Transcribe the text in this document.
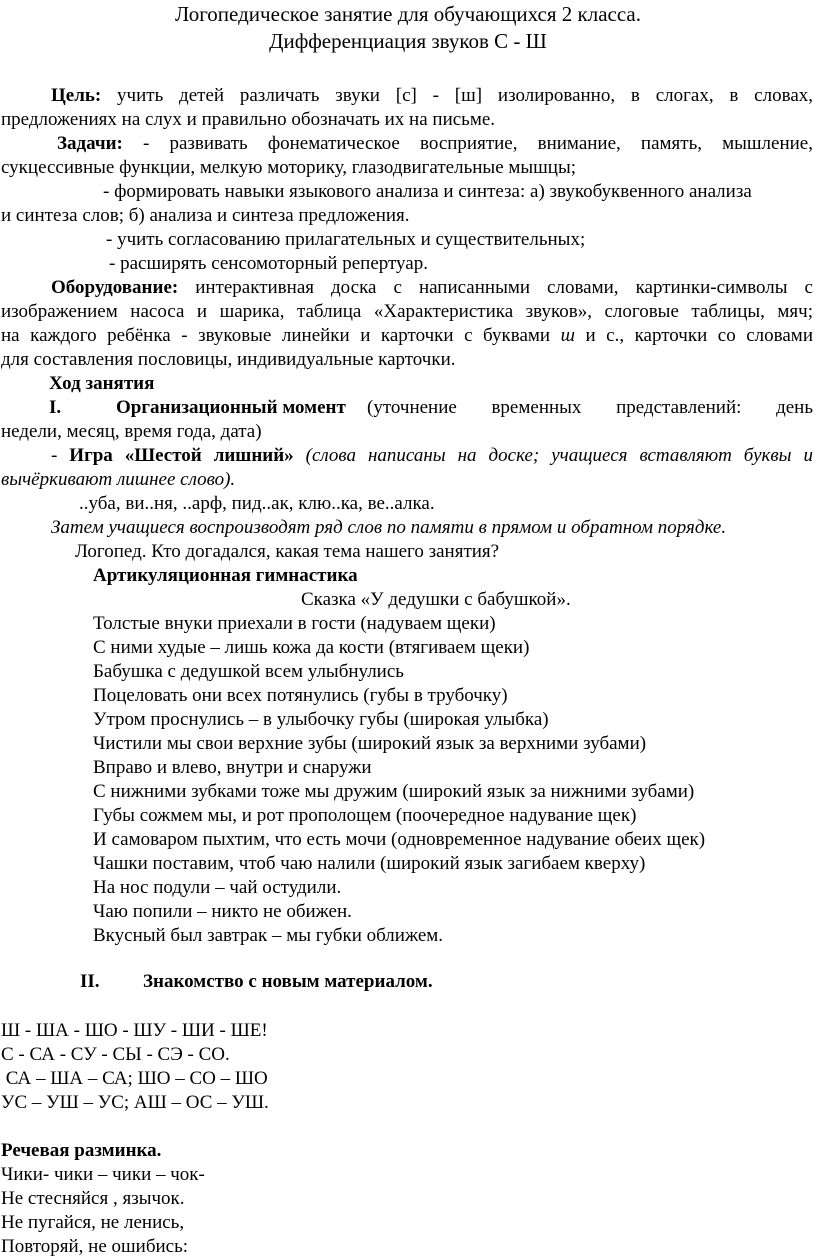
Логопедическое занятие для обучающихся 2 класса.
Дифференциация звуков С - Ш
Цель: учить детей различать звуки [с] - [ш] изолированно, в слогах, в словах,
предложениях на слух и правильно обозначать их на письме.
Задачи: - развивать фонематическое восприятие, внимание, память, мышление,
сукцессивные функции, мелкую моторику, глазодвигательные мышцы;
- формировать навыки языкового анализа и синтеза: а) звукобуквенного анализа
и синтеза слов; б) анализа и синтеза предложения.
- учить согласованию прилагательных и существительных;
- расширять сенсомоторный репертуар.
Оборудование: интерактивная доска с написанными словами, картинки-символы с
изображением насоса и шарика, таблица «Характеристика звуков», слоговые таблицы, мяч;
на каждого ребёнка - звуковые линейки и карточки с буквами ш и с., карточки со словами
для составления пословицы, индивидуальные карточки.
Ход занятия
I.	Организационный момент (уточнение временных представлений: день
недели, месяц, время года, дата)
- Игра «Шестой лишний» (слова написаны на доске; учащиеся вставляют буквы и
вычёркивают лишнее слово).
..уба, ви..ня, ..арф, пид..ак, клю..ка, ве..алка.
Затем учащиеся воспроизводят ряд слов по памяти в прямом и обратном порядке.
Логопед. Кто догадался, какая тема нашего занятия?
Артикуляционная гимнастика
Сказка «У дедушки с бабушкой».
Толстые внуки приехали в гости (надуваем щеки)
С ними худые – лишь кожа да кости (втягиваем щеки)
Бабушка с дедушкой всем улыбнулись
Поцеловать они всех потянулись (губы в трубочку)
Утром проснулись – в улыбочку губы (широкая улыбка)
Чистили мы свои верхние зубы (широкий язык за верхними зубами)
Вправо и влево, внутри и снаружи
С нижними зубками тоже мы дружим (широкий язык за нижними зубами)
Губы сожмем мы, и рот прополощем (поочередное надувание щек)
И самоваром пыхтим, что есть мочи (одновременное надувание обеих щек)
Чашки поставим, чтоб чаю налили (широкий язык загибаем кверху)
На нос подули – чай остудили.
Чаю попили – никто не обижен.
Вкусный был завтрак – мы губки оближем.
II. Знакомство с новым материалом.
Ш - ША - ШО - ШУ - ШИ - ШЕ!
С - СА - СУ - СЫ - СЭ - СО.
СА – ША – СА; ШО – СО – ШО
УС – УШ – УС; АШ – ОС – УШ.
Речевая разминка.
Чики- чики – чики – чок-
Не стесняйся , язычок.
Не пугайся, не ленись,
Повторяй, не ошибись:
